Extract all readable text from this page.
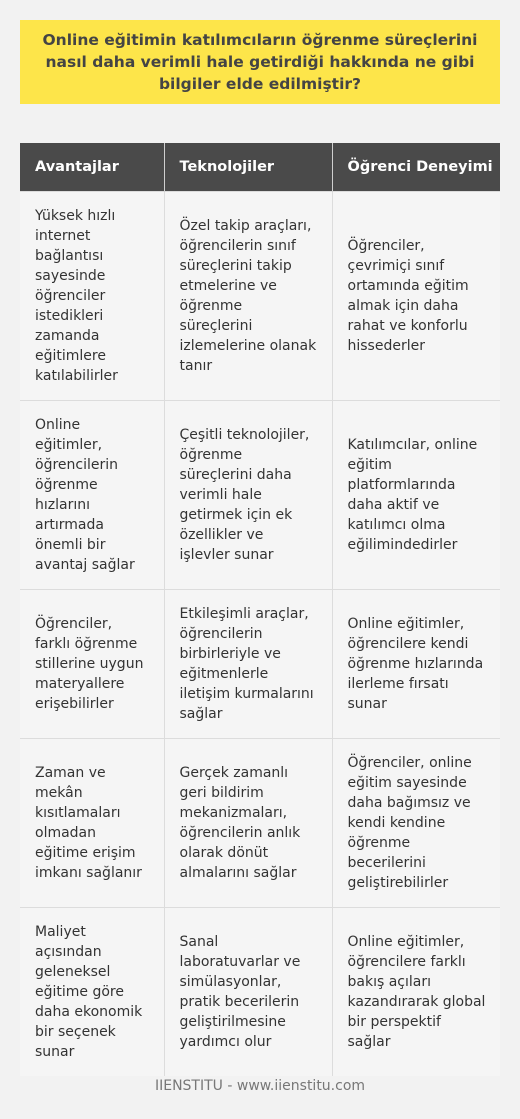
Online eğitimin katılımcıların öğrenme süreçlerini nasıl daha verimli hale getirdiği hakkında ne gibi bilgiler elde edilmiştir?
Avantajlar	Teknolojiler	Öğrenci Deneyimi
Yüksek hızlı internet bağlantısı sayesinde öğrenciler istedikleri zamanda eğitimlere katılabilirler	Özel takip araçları, öğrencilerin sınıf süreçlerini takip etmelerine ve öğrenme süreçlerini izlemelerine olanak tanır	Öğrenciler, çevrimiçi sınıf ortamında eğitim almak için daha rahat ve konforlu hissederler
Online eğitimler, öğrencilerin öğrenme hızlarını artırmada önemli bir avantaj sağlar	Çeşitli teknolojiler, öğrenme süreçlerini daha verimli hale getirmek için ek özellikler ve işlevler sunar	Katılımcılar, online eğitim platformlarında daha aktif ve katılımcı olma eğilimindedirler
Öğrenciler, farklı öğrenme stillerine uygun materyallere erişebilirler	Etkileşimli araçlar, öğrencilerin birbirleriyle ve eğitmenlerle iletişim kurmalarını sağlar	Online eğitimler, öğrencilere kendi öğrenme hızlarında ilerleme fırsatı sunar
Zaman ve mekân kısıtlamaları olmadan eğitime erişim imkanı sağlanır	Gerçek zamanlı geri bildirim mekanizmaları, öğrencilerin anlık olarak dönüt almalarını sağlar	Öğrenciler, online eğitim sayesinde daha bağımsız ve kendi kendine öğrenme becerilerini geliştirebilirler
Maliyet açısından geleneksel eğitime göre daha ekonomik bir seçenek sunar	Sanal laboratuvarlar ve simülasyonlar, pratik becerilerin geliştirilmesine yardımcı olur	Online eğitimler, öğrencilere farklı bakış açıları kazandırarak global bir perspektif sağlar
IIENSTITU - www.iienstitu.com
